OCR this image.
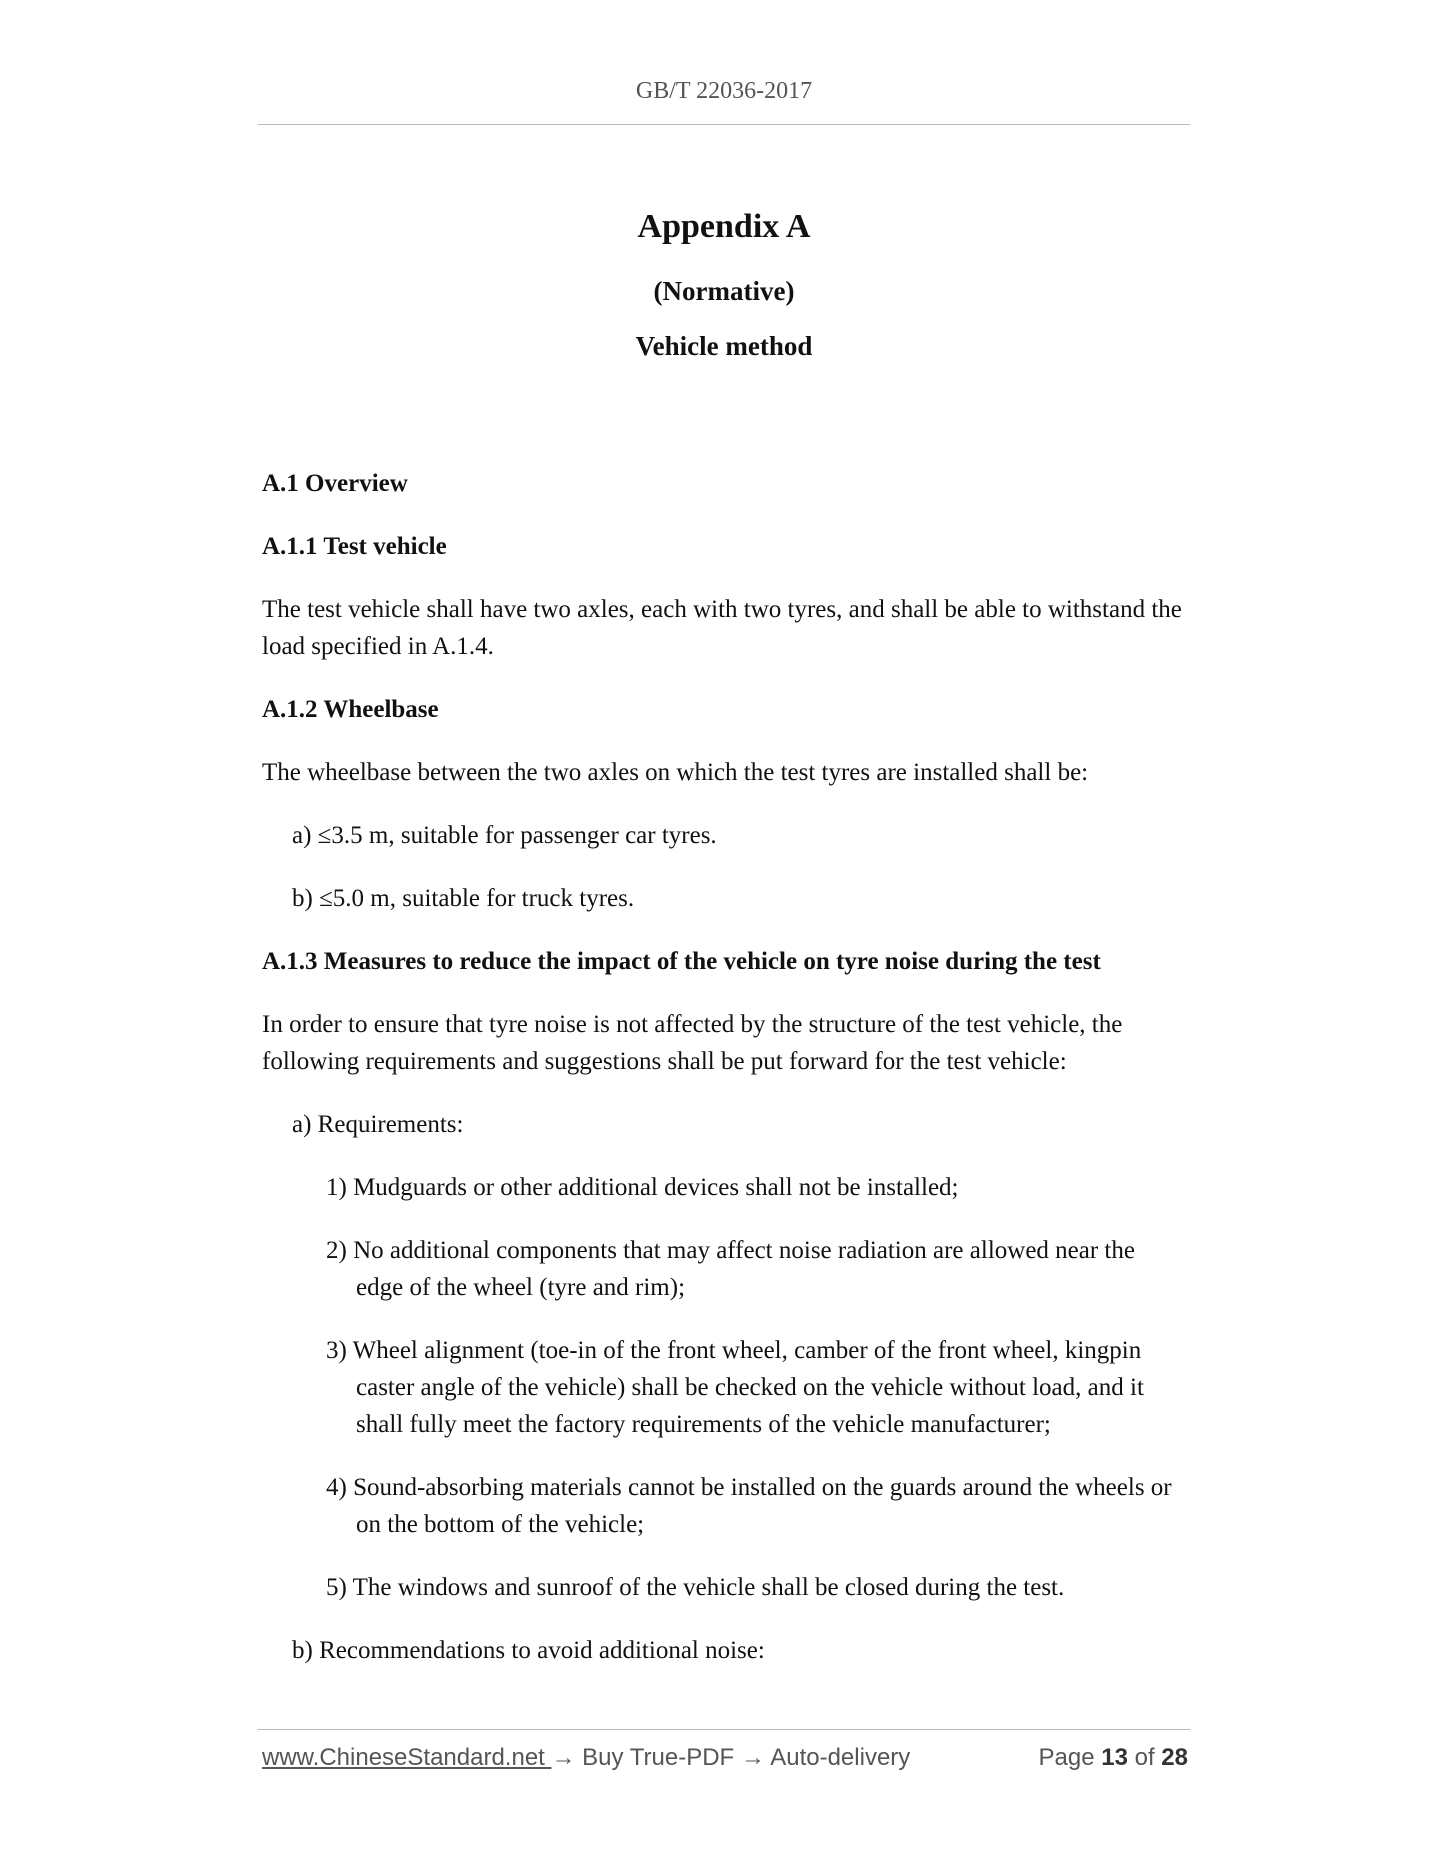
GB/T 22036-2017
Appendix A
(Normative)
Vehicle method

A.1 Overview

A.1.1 Test vehicle

The test vehicle shall have two axles, each with two tyres, and shall be able to withstand the load specified in A.1.4.

A.1.2 Wheelbase

The wheelbase between the two axles on which the test tyres are installed shall be:

a) ≤3.5 m, suitable for passenger car tyres.

b) ≤5.0 m, suitable for truck tyres.

A.1.3 Measures to reduce the impact of the vehicle on tyre noise during the test

In order to ensure that tyre noise is not affected by the structure of the test vehicle, the following requirements and suggestions shall be put forward for the test vehicle:

a) Requirements:

1) Mudguards or other additional devices shall not be installed;

2) No additional components that may affect noise radiation are allowed near the edge of the wheel (tyre and rim);

3) Wheel alignment (toe-in of the front wheel, camber of the front wheel, kingpin caster angle of the vehicle) shall be checked on the vehicle without load, and it shall fully meet the factory requirements of the vehicle manufacturer;

4) Sound-absorbing materials cannot be installed on the guards around the wheels or on the bottom of the vehicle;

5) The windows and sunroof of the vehicle shall be closed during the test.

b) Recommendations to avoid additional noise:

www.ChineseStandard.net → Buy True-PDF → Auto-delivery	Page 13 of 28
